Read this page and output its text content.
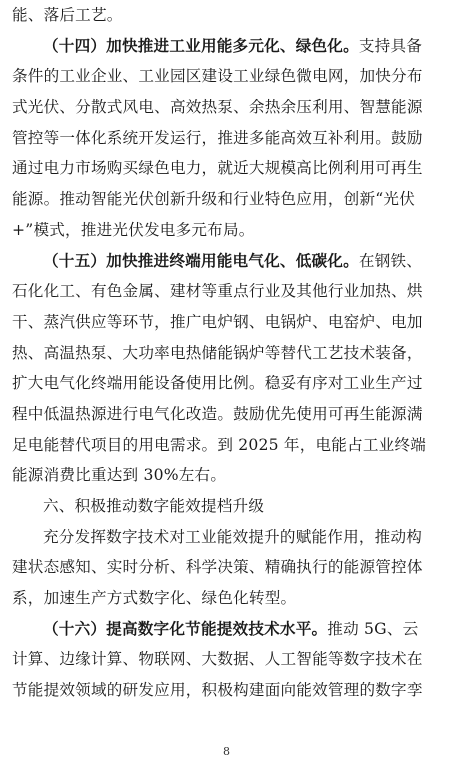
能、落后工艺。
（十四）加快推进工业用能多元化、绿色化。支持具备
条件的工业企业、工业园区建设工业绿色微电网，加快分布
式光伏、分散式风电、高效热泵、余热余压利用、智慧能源
管控等一体化系统开发运行，推进多能高效互补利用。鼓励
通过电力市场购买绿色电力，就近大规模高比例利用可再生
能源。推动智能光伏创新升级和行业特色应用，创新“光伏
+”模式，推进光伏发电多元布局。
（十五）加快推进终端用能电气化、低碳化。在钢铁、
石化化工、有色金属、建材等重点行业及其他行业加热、烘
干、蒸汽供应等环节，推广电炉钢、电锅炉、电窑炉、电加
热、高温热泵、大功率电热储能锅炉等替代工艺技术装备，
扩大电气化终端用能设备使用比例。稳妥有序对工业生产过
程中低温热源进行电气化改造。鼓励优先使用可再生能源满
足电能替代项目的用电需求。到 2025 年，电能占工业终端
能源消费比重达到 30%左右。
六、积极推动数字能效提档升级
充分发挥数字技术对工业能效提升的赋能作用，推动构
建状态感知、实时分析、科学决策、精确执行的能源管控体
系，加速生产方式数字化、绿色化转型。
（十六）提高数字化节能提效技术水平。推动 5G、云
计算、边缘计算、物联网、大数据、人工智能等数字技术在
节能提效领域的研发应用，积极构建面向能效管理的数字孪
8
